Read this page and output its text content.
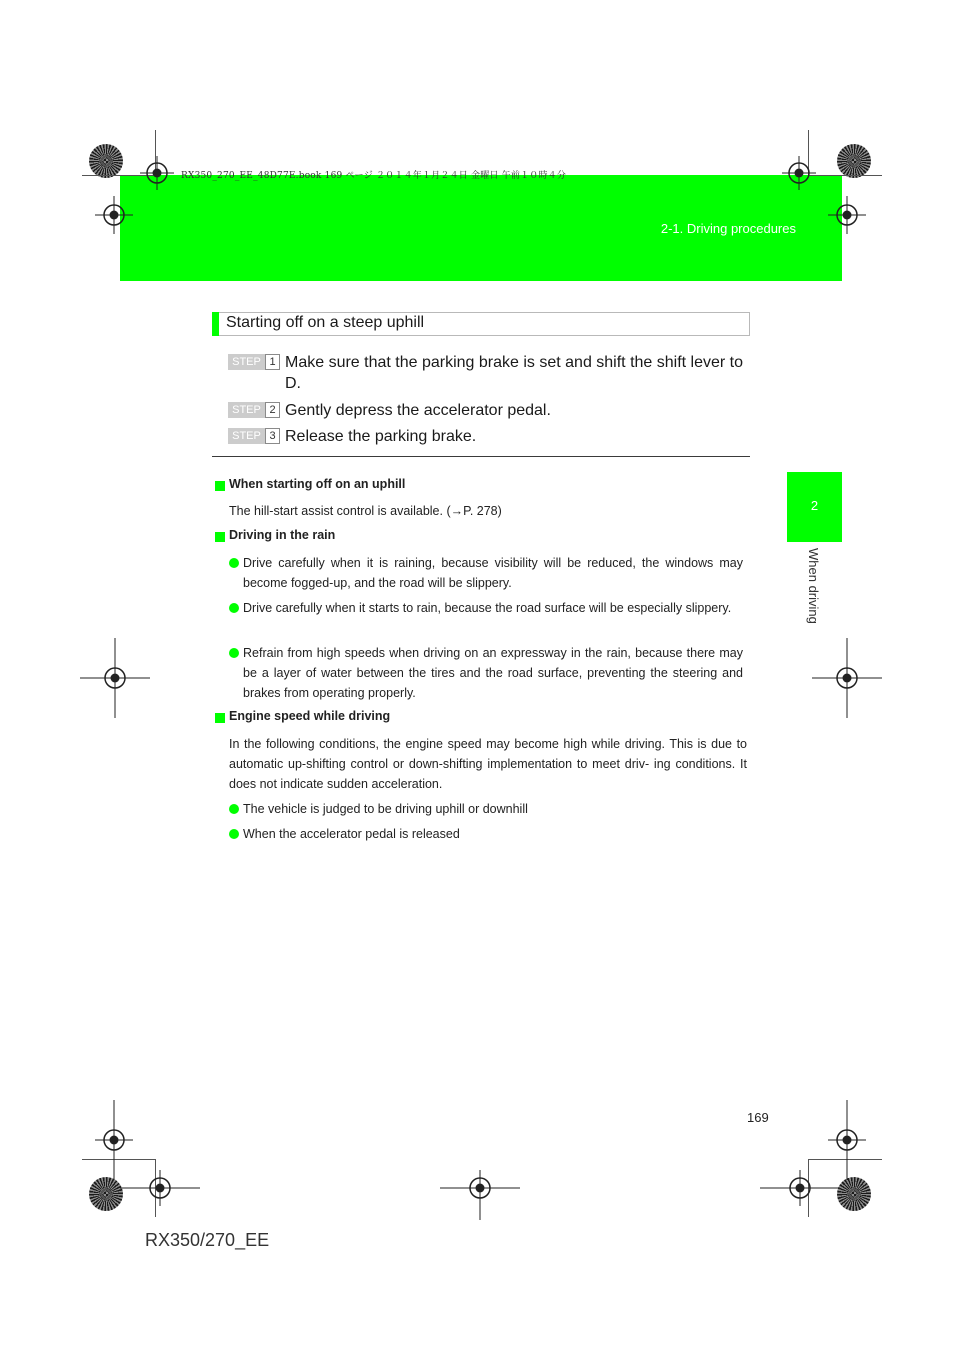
RX350_270_EE_48D77E.book 169 ページ ２０１４年１月２４日 金曜日 午前１０時４分
2-1. Driving procedures
2
When driving
Starting off on a steep uphill
STEP 1 Make sure that the parking brake is set and shift the shift lever to D.
STEP 2 Gently depress the accelerator pedal.
STEP 3 Release the parking brake.
When starting off on an uphill
The hill-start assist control is available. (→P. 278)
Driving in the rain
Drive carefully when it is raining, because visibility will be reduced, the windows may become fogged-up, and the road will be slippery.
Drive carefully when it starts to rain, because the road surface will be especially slippery.
Refrain from high speeds when driving on an expressway in the rain, because there may be a layer of water between the tires and the road surface, preventing the steering and brakes from operating properly.
Engine speed while driving
In the following conditions, the engine speed may become high while driving. This is due to automatic up-shifting control or down-shifting implementation to meet driv- ing conditions. It does not indicate sudden acceleration.
The vehicle is judged to be driving uphill or downhill
When the accelerator pedal is released
169
RX350/270_EE
